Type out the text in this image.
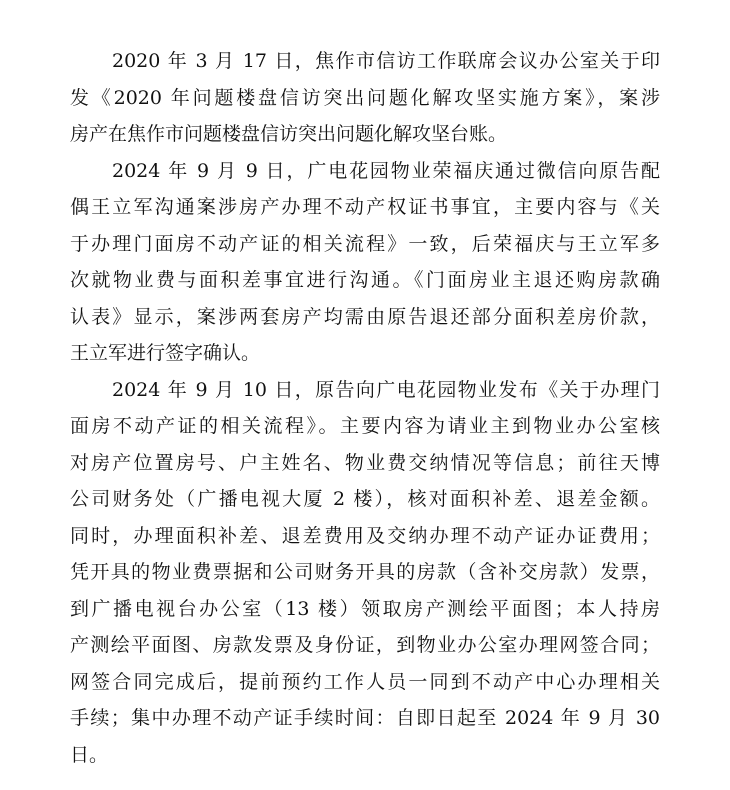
2020 年 3 月 17 日，焦作市信访工作联席会议办公室关于印
发《2020 年问题楼盘信访突出问题化解攻坚实施方案》，案涉
房产在焦作市问题楼盘信访突出问题化解攻坚台账。
2024 年 9 月 9 日，广电花园物业荣福庆通过微信向原告配
偶王立军沟通案涉房产办理不动产权证书事宜，主要内容与《关
于办理门面房不动产证的相关流程》一致，后荣福庆与王立军多
次就物业费与面积差事宜进行沟通。《门面房业主退还购房款确
认表》显示，案涉两套房产均需由原告退还部分面积差房价款，
王立军进行签字确认。
2024 年 9 月 10 日，原告向广电花园物业发布《关于办理门
面房不动产证的相关流程》。主要内容为请业主到物业办公室核
对房产位置房号、户主姓名、物业费交纳情况等信息；前往天博
公司财务处（广播电视大厦 2 楼），核对面积补差、退差金额。
同时，办理面积补差、退差费用及交纳办理不动产证办证费用；
凭开具的物业费票据和公司财务开具的房款（含补交房款）发票，
到广播电视台办公室（13 楼）领取房产测绘平面图；本人持房
产测绘平面图、房款发票及身份证，到物业办公室办理网签合同；
网签合同完成后，提前预约工作人员一同到不动产中心办理相关
手续；集中办理不动产证手续时间：自即日起至 2024 年 9 月 30
日。
